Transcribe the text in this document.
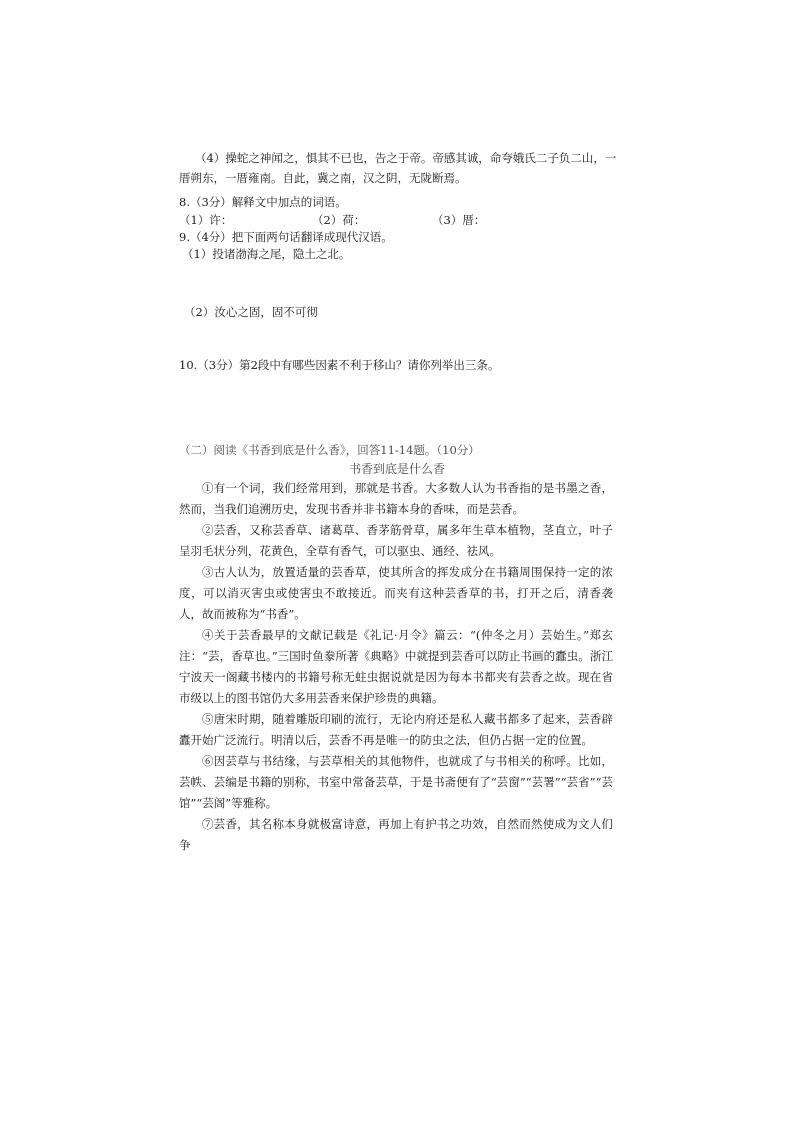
（4）操蛇之神闻之，惧其不已也，告之于帝。帝感其诚，命夸娥氏二子负二山，一
厝朔东，一厝雍南。自此，冀之南，汉之阴，无陇断焉。
8.（3分）解释文中加点的词语。
（1）许：	（2）荷：	（3）厝：
9.（4分）把下面两句话翻译成现代汉语。
（1）投诸渤海之尾，隐土之北。
（2）汝心之固，固不可彻
10.（3分）第2段中有哪些因素不利于移山？请你列举出三条。
（二）阅读《书香到底是什么香》，回答11-14题。（10分）
书香到底是什么香
①有一个词，我们经常用到，那就是书香。大多数人认为书香指的是书墨之香，然而，当我们追溯历史，发现书香并非书籍本身的香味，而是芸香。
②芸香，又称芸香草、诸葛草、香茅筋骨草，属多年生草本植物，茎直立，叶子呈羽毛状分列，花黄色，全草有香气，可以驱虫、通经、祛风。
③古人认为，放置适量的芸香草，使其所含的挥发成分在书籍周围保持一定的浓度，可以消灭害虫或使害虫不敢接近。而夹有这种芸香草的书，打开之后，清香袭人，故而被称为“书香”。
④关于芸香最早的文献记载是《礼记·月令》篇云：“(仲冬之月）芸始生。”郑玄注：“芸，香草也。”三国时鱼豢所著《典略》中就提到芸香可以防止书画的蠹虫。浙江宁波天一阁藏书楼内的书籍号称无蛀虫据说就是因为每本书都夹有芸香之故。现在省市级以上的图书馆仍大多用芸香来保护珍贵的典籍。
⑤唐宋时期，随着雕版印刷的流行，无论内府还是私人藏书都多了起来，芸香辟蠹开始广泛流行。明清以后，芸香不再是唯一的防虫之法，但仍占据一定的位置。
⑥因芸草与书结缘，与芸草相关的其他物件，也就成了与书相关的称呼。比如，芸帙、芸编是书籍的别称，书室中常备芸草，于是书斋便有了“芸窗”“芸署”“芸省”“芸馆”“芸阁”等雅称。
⑦芸香，其名称本身就极富诗意，再加上有护书之功效，自然而然使成为文人们争
